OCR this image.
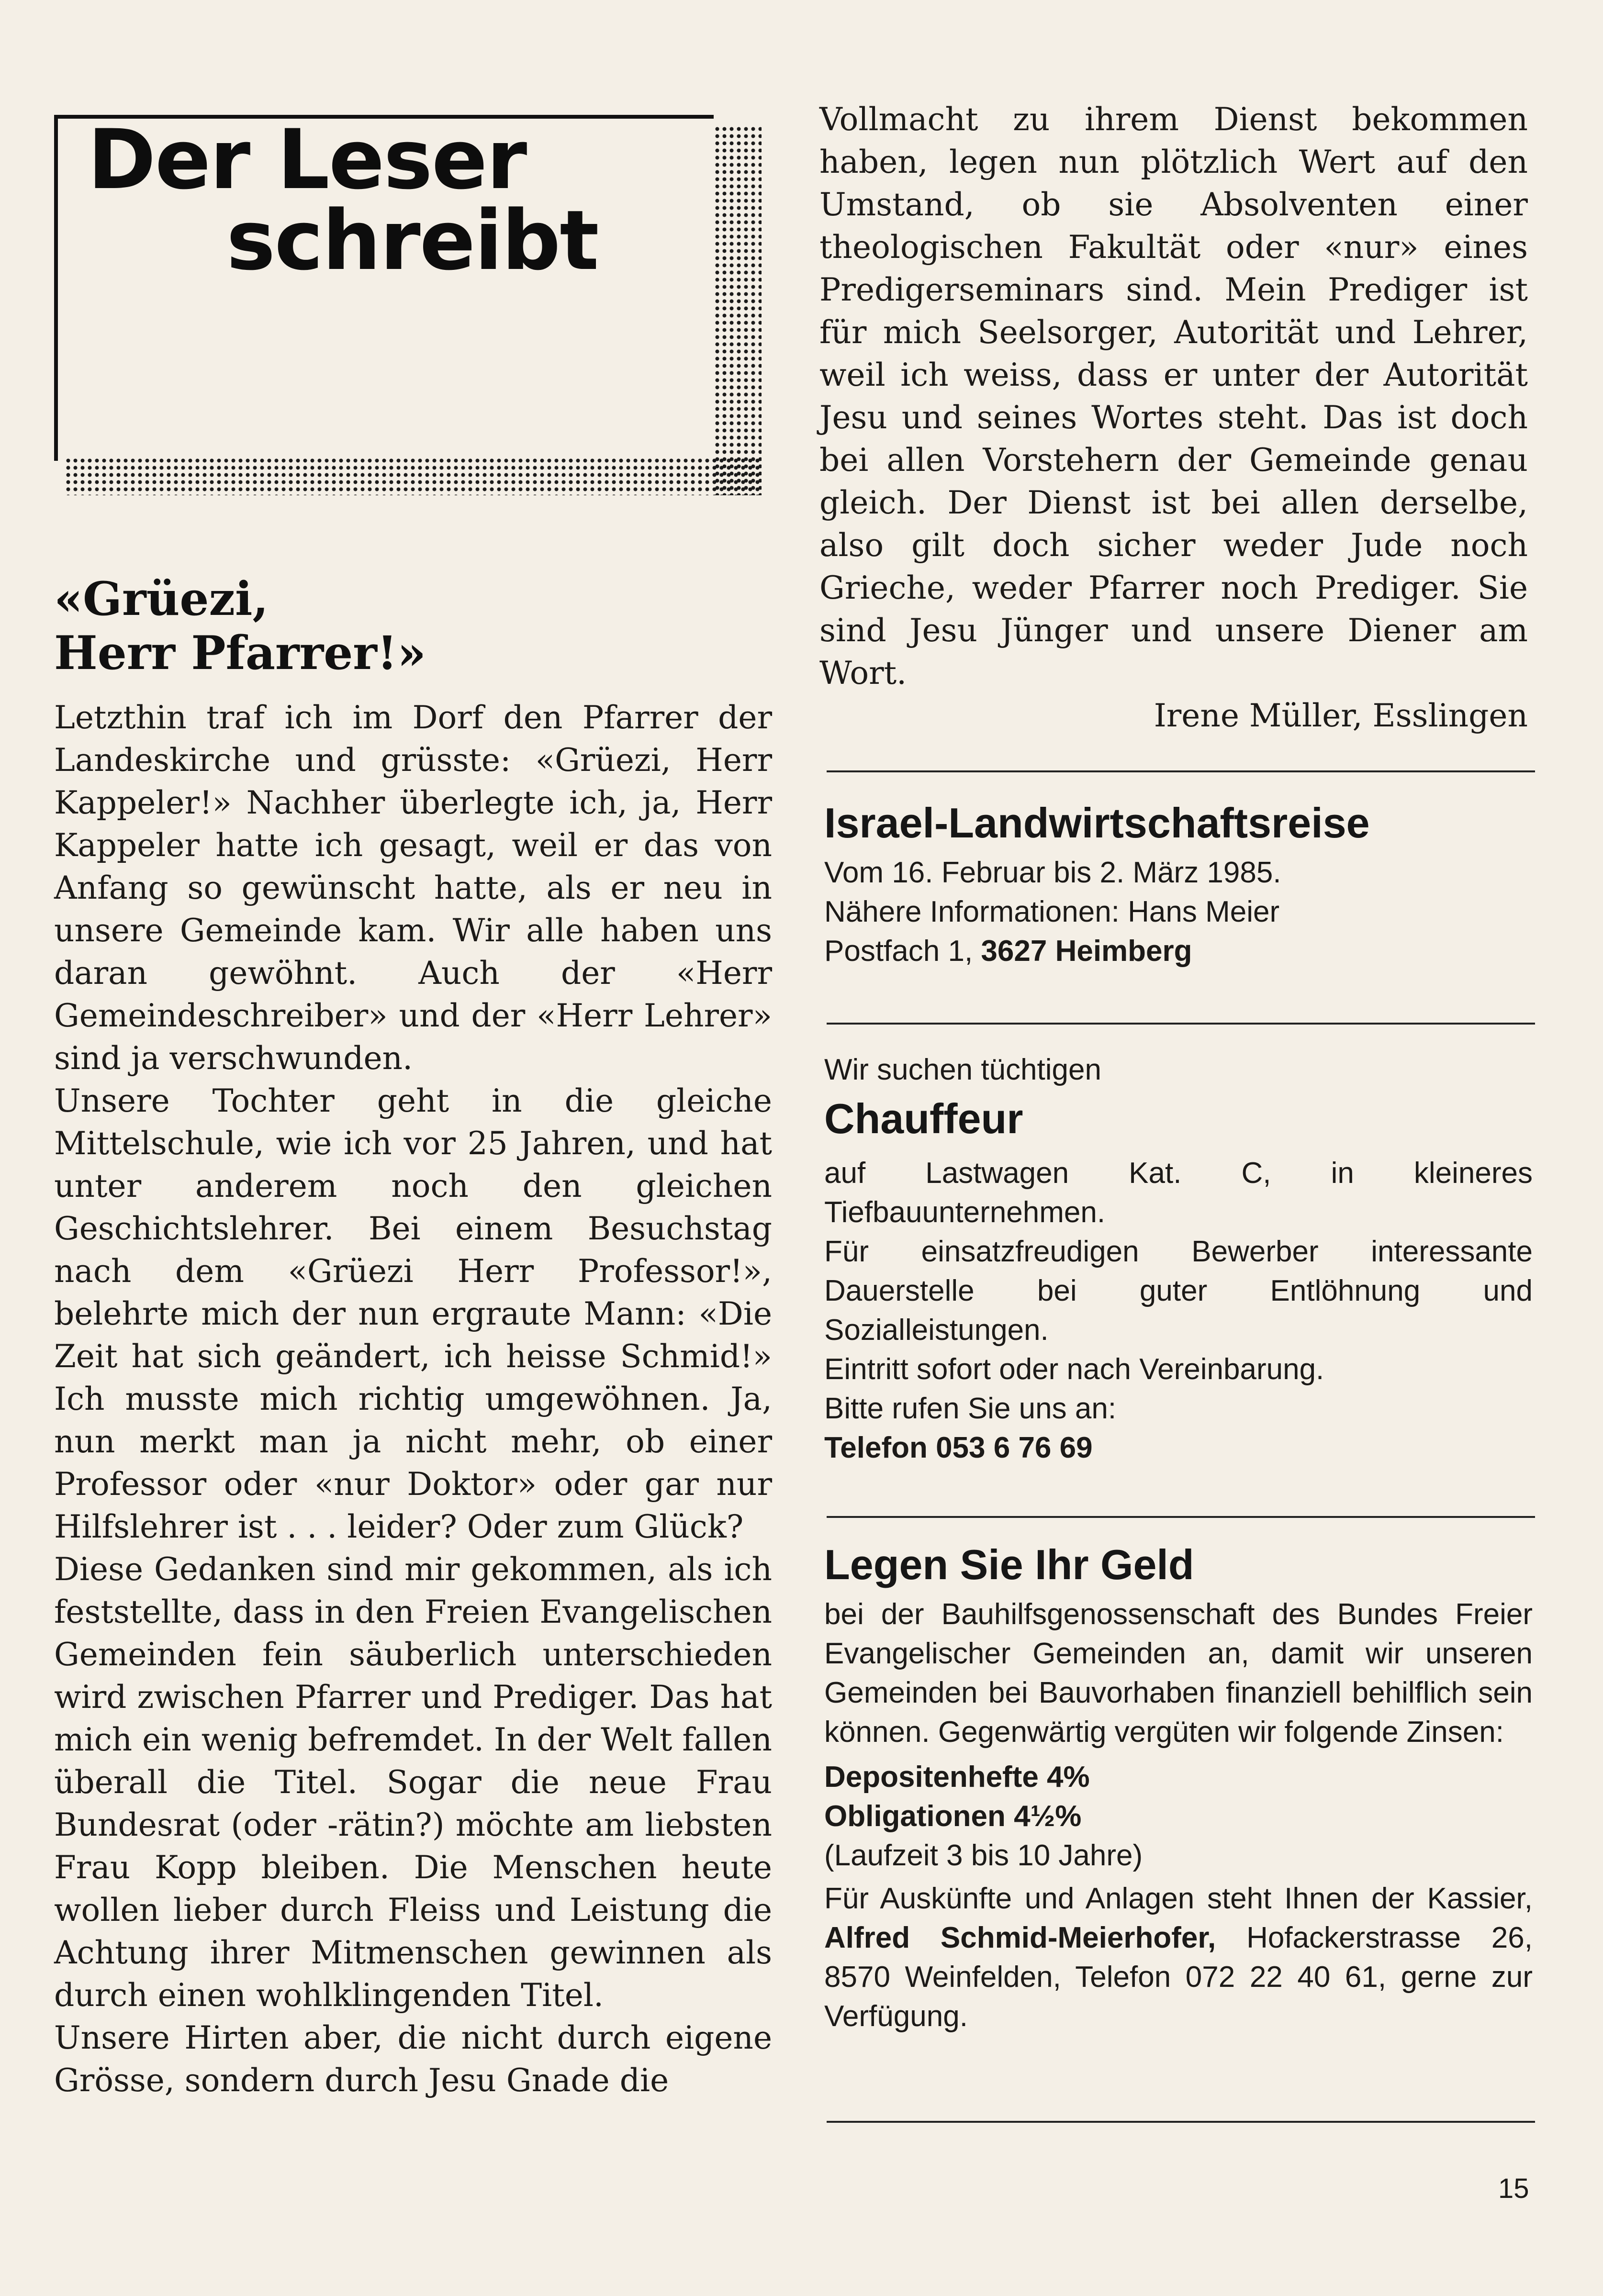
Der Leser
schreibt
«Grüezi,
Herr Pfarrer!»

Letzthin traf ich im Dorf den Pfarrer der Landeskirche und grüsste: «Grüezi, Herr Kappeler!» Nachher überlegte ich, ja, Herr Kappeler hatte ich gesagt, weil er das von Anfang so gewünscht hatte, als er neu in unsere Gemeinde kam. Wir alle haben uns daran gewöhnt. Auch der «Herr Gemeindeschreiber» und der «Herr Lehrer» sind ja verschwunden.

Unsere Tochter geht in die gleiche Mittelschule, wie ich vor 25 Jahren, und hat unter anderem noch den gleichen Geschichtslehrer. Bei einem Besuchstag nach dem «Grüezi Herr Professor!», belehrte mich der nun ergraute Mann: «Die Zeit hat sich geändert, ich heisse Schmid!» Ich musste mich richtig umgewöhnen. Ja, nun merkt man ja nicht mehr, ob einer Professor oder «nur Doktor» oder gar nur Hilfslehrer ist . . . leider? Oder zum Glück?

Diese Gedanken sind mir gekommen, als ich feststellte, dass in den Freien Evangelischen Gemeinden fein säuberlich unterschieden wird zwischen Pfarrer und Prediger. Das hat mich ein wenig befremdet. In der Welt fallen überall die Titel. Sogar die neue Frau Bundesrat (oder -rätin?) möchte am liebsten Frau Kopp bleiben. Die Menschen heute wollen lieber durch Fleiss und Leistung die Achtung ihrer Mitmenschen gewinnen als durch einen wohlklingenden Titel.

Unsere Hirten aber, die nicht durch eigene Grösse, sondern durch Jesu Gnade die

Vollmacht zu ihrem Dienst bekommen haben, legen nun plötzlich Wert auf den Umstand, ob sie Absolventen einer theologischen Fakultät oder «nur» eines Predigerseminars sind. Mein Prediger ist für mich Seelsorger, Autorität und Lehrer, weil ich weiss, dass er unter der Autorität Jesu und seines Wortes steht. Das ist doch bei allen Vorstehern der Gemeinde genau gleich. Der Dienst ist bei allen derselbe, also gilt doch sicher weder Jude noch Grieche, weder Pfarrer noch Prediger. Sie sind Jesu Jünger und unsere Diener am Wort.

Irene Müller, Esslingen
Israel-Landwirtschaftsreise

Vom 16. Februar bis 2. März 1985.

Nähere Informationen: Hans Meier

Postfach 1, 3627 Heimberg

Wir suchen tüchtigen

Chauffeur

auf Lastwagen Kat. C, in kleineres Tiefbauunternehmen.

Für einsatzfreudigen Bewerber interessante Dauerstelle bei guter Entlöhnung und Sozialleistungen.

Eintritt sofort oder nach Vereinbarung.

Bitte rufen Sie uns an:

Telefon 053 6 76 69

Legen Sie Ihr Geld

bei der Bauhilfsgenossenschaft des Bundes Freier Evangelischer Gemeinden an, damit wir unseren Gemeinden bei Bauvorhaben finanziell behilflich sein können. Gegenwärtig vergüten wir folgende Zinsen:

Depositenhefte 4%

Obligationen 4½%

(Laufzeit 3 bis 10 Jahre)

Für Auskünfte und Anlagen steht Ihnen der Kassier, Alfred Schmid-Meierhofer, Hofackerstrasse 26, 8570 Weinfelden, Telefon 072 22 40 61, gerne zur Verfügung.

15
